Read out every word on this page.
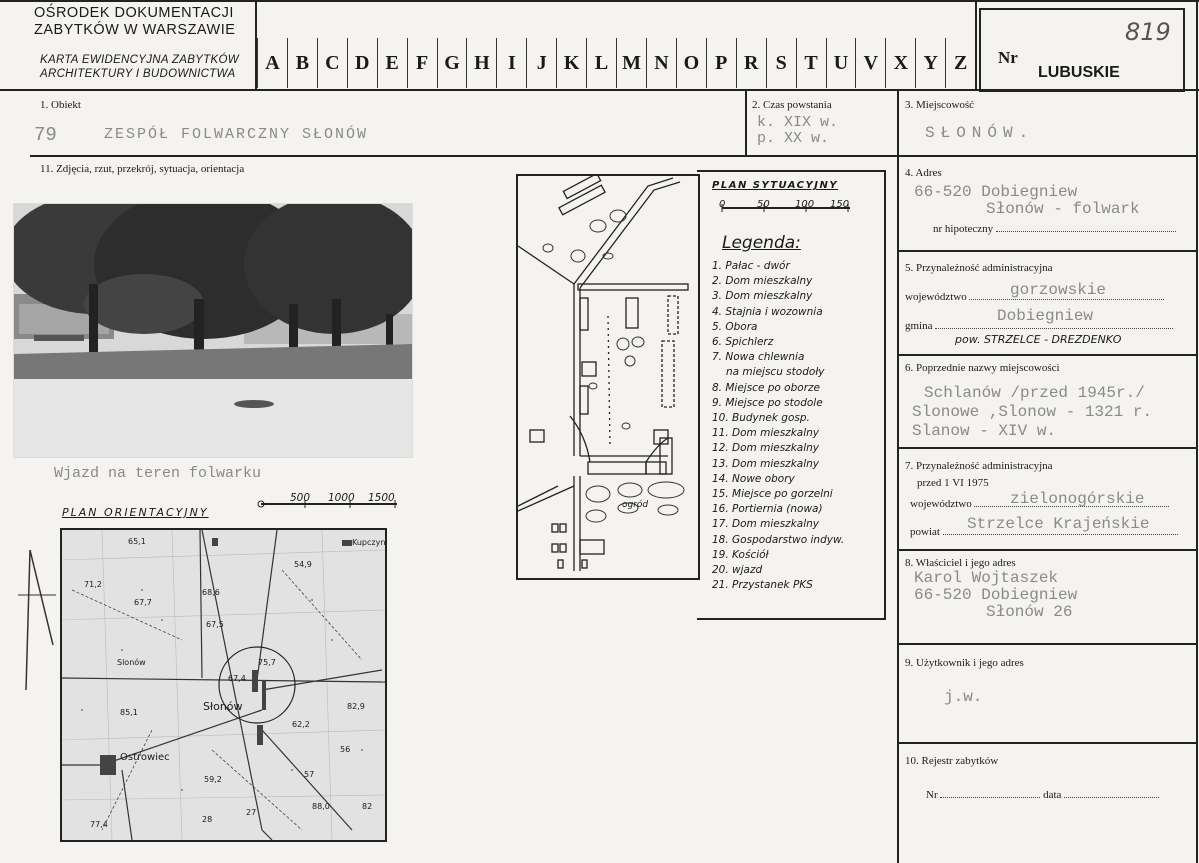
OŚRODEK DOKUMENTACJI
ZABYTKÓW W WARSZAWIE
KARTA EWIDENCYJNA ZABYTKÓW
ARCHITEKTURY I BUDOWNICTWA
A B C D E F G H I	J K L M N O P R S T U V X Y Z	Nr
LUBUSKIE
819
1. Obiekt
79	ZESPÓŁ FOLWARCZNY SŁONÓW
2. Czas powstania
k. XIX w.
p. XX w.
3. Miejscowość
SŁONÓW.
11. Zdjęcia, rzut, przekrój, sytuacja, orientacja
Wjazd na teren folwarku
PLAN ORIENTACYJNY
500 1000 1500
Słonów
Ostrowiec
Kupczyn
Slonów
65,1
54,9
68,6
67,7
67,5
71,2
75,7
67,4
85,1
82,9
62,2
56
59,2
57
88,0	82
77,4
27
28
ogród
PLAN SYTUACYJNY
0	50	100 150
Legenda:
1. Pałac - dwór
2. Dom mieszkalny
3. Dom mieszkalny
4. Stajnia i wozownia
5. Obora
6. Spichlerz
7. Nowa chlewnia
na miejscu stodoły
8. Miejsce po oborze
9. Miejsce po stodole
10. Budynek gosp.
11. Dom mieszkalny
12. Dom mieszkalny
13. Dom mieszkalny
14. Nowe obory
15. Miejsce po gorzelni
16. Portiernia (nowa)
17. Dom mieszkalny
18. Gospodarstwo indyw.
19. Kościół
20. wjazd
21. Przystanek PKS
4. Adres
66-520 Dobiegniew
Słonów - folwark
nr hipoteczny
5. Przynależność administracyjna
województwo	gorzowskie
gmina
Dobiegniew
pow. STRZELCE - DREZDENKO
6. Poprzednie nazwy miejscowości
Schlanów /przed 1945r./
Slonowe ,Slonow - 1321 r.
Slanow - XIV w.
7. Przynależność administracyjna
przed 1 VI 1975
województwo	zielonogórskie
powiat	Strzelce Krajeńskie
8. Właściciel i jego adres
Karol Wojtaszek
66-520 Dobiegniew
Słonów 26
9. Użytkownik i jego adres
j.w.
10. Rejestr zabytków
Nr	data
